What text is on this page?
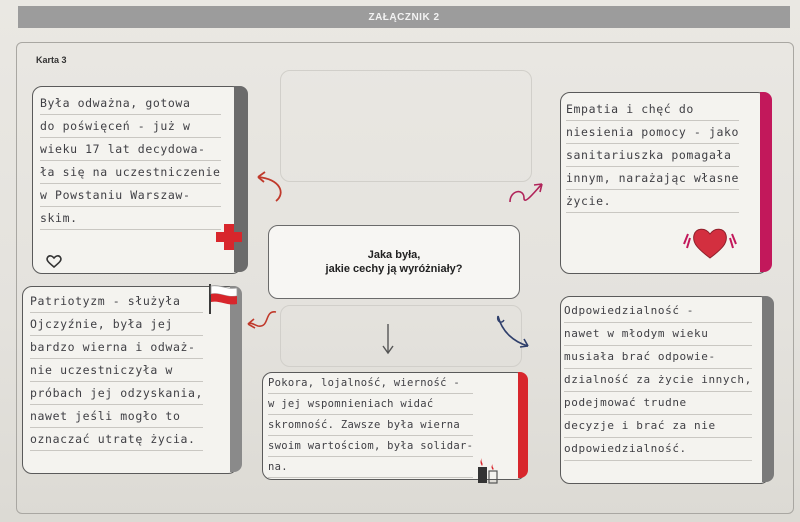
ZAŁĄCZNIK 2
Karta 3
Była odważna, gotowa
do poświęceń - już w
wieku 17 lat decydowa-
ła się na uczestniczenie
w Powstaniu Warszaw-
skim.
Empatia i chęć do
niesienia pomocy - jako
sanitariuszka pomagała
innym, narażając własne
życie.
Jaka była,
jakie cechy ją wyróżniały?
Patriotyzm - służyła
Ojczyźnie, była jej
bardzo wierna i odważ-
nie uczestniczyła w
próbach jej odzyskania,
nawet jeśli mogło to
oznaczać utratę życia.
Pokora, lojalność, wierność -
w jej wspomnieniach widać
skromność. Zawsze była wierna
swoim wartościom, była solidar-
na.
Odpowiedzialność -
nawet w młodym wieku
musiała brać odpowie-
dzialność za życie innych,
podejmować trudne
decyzje i brać za nie
odpowiedzialność.
